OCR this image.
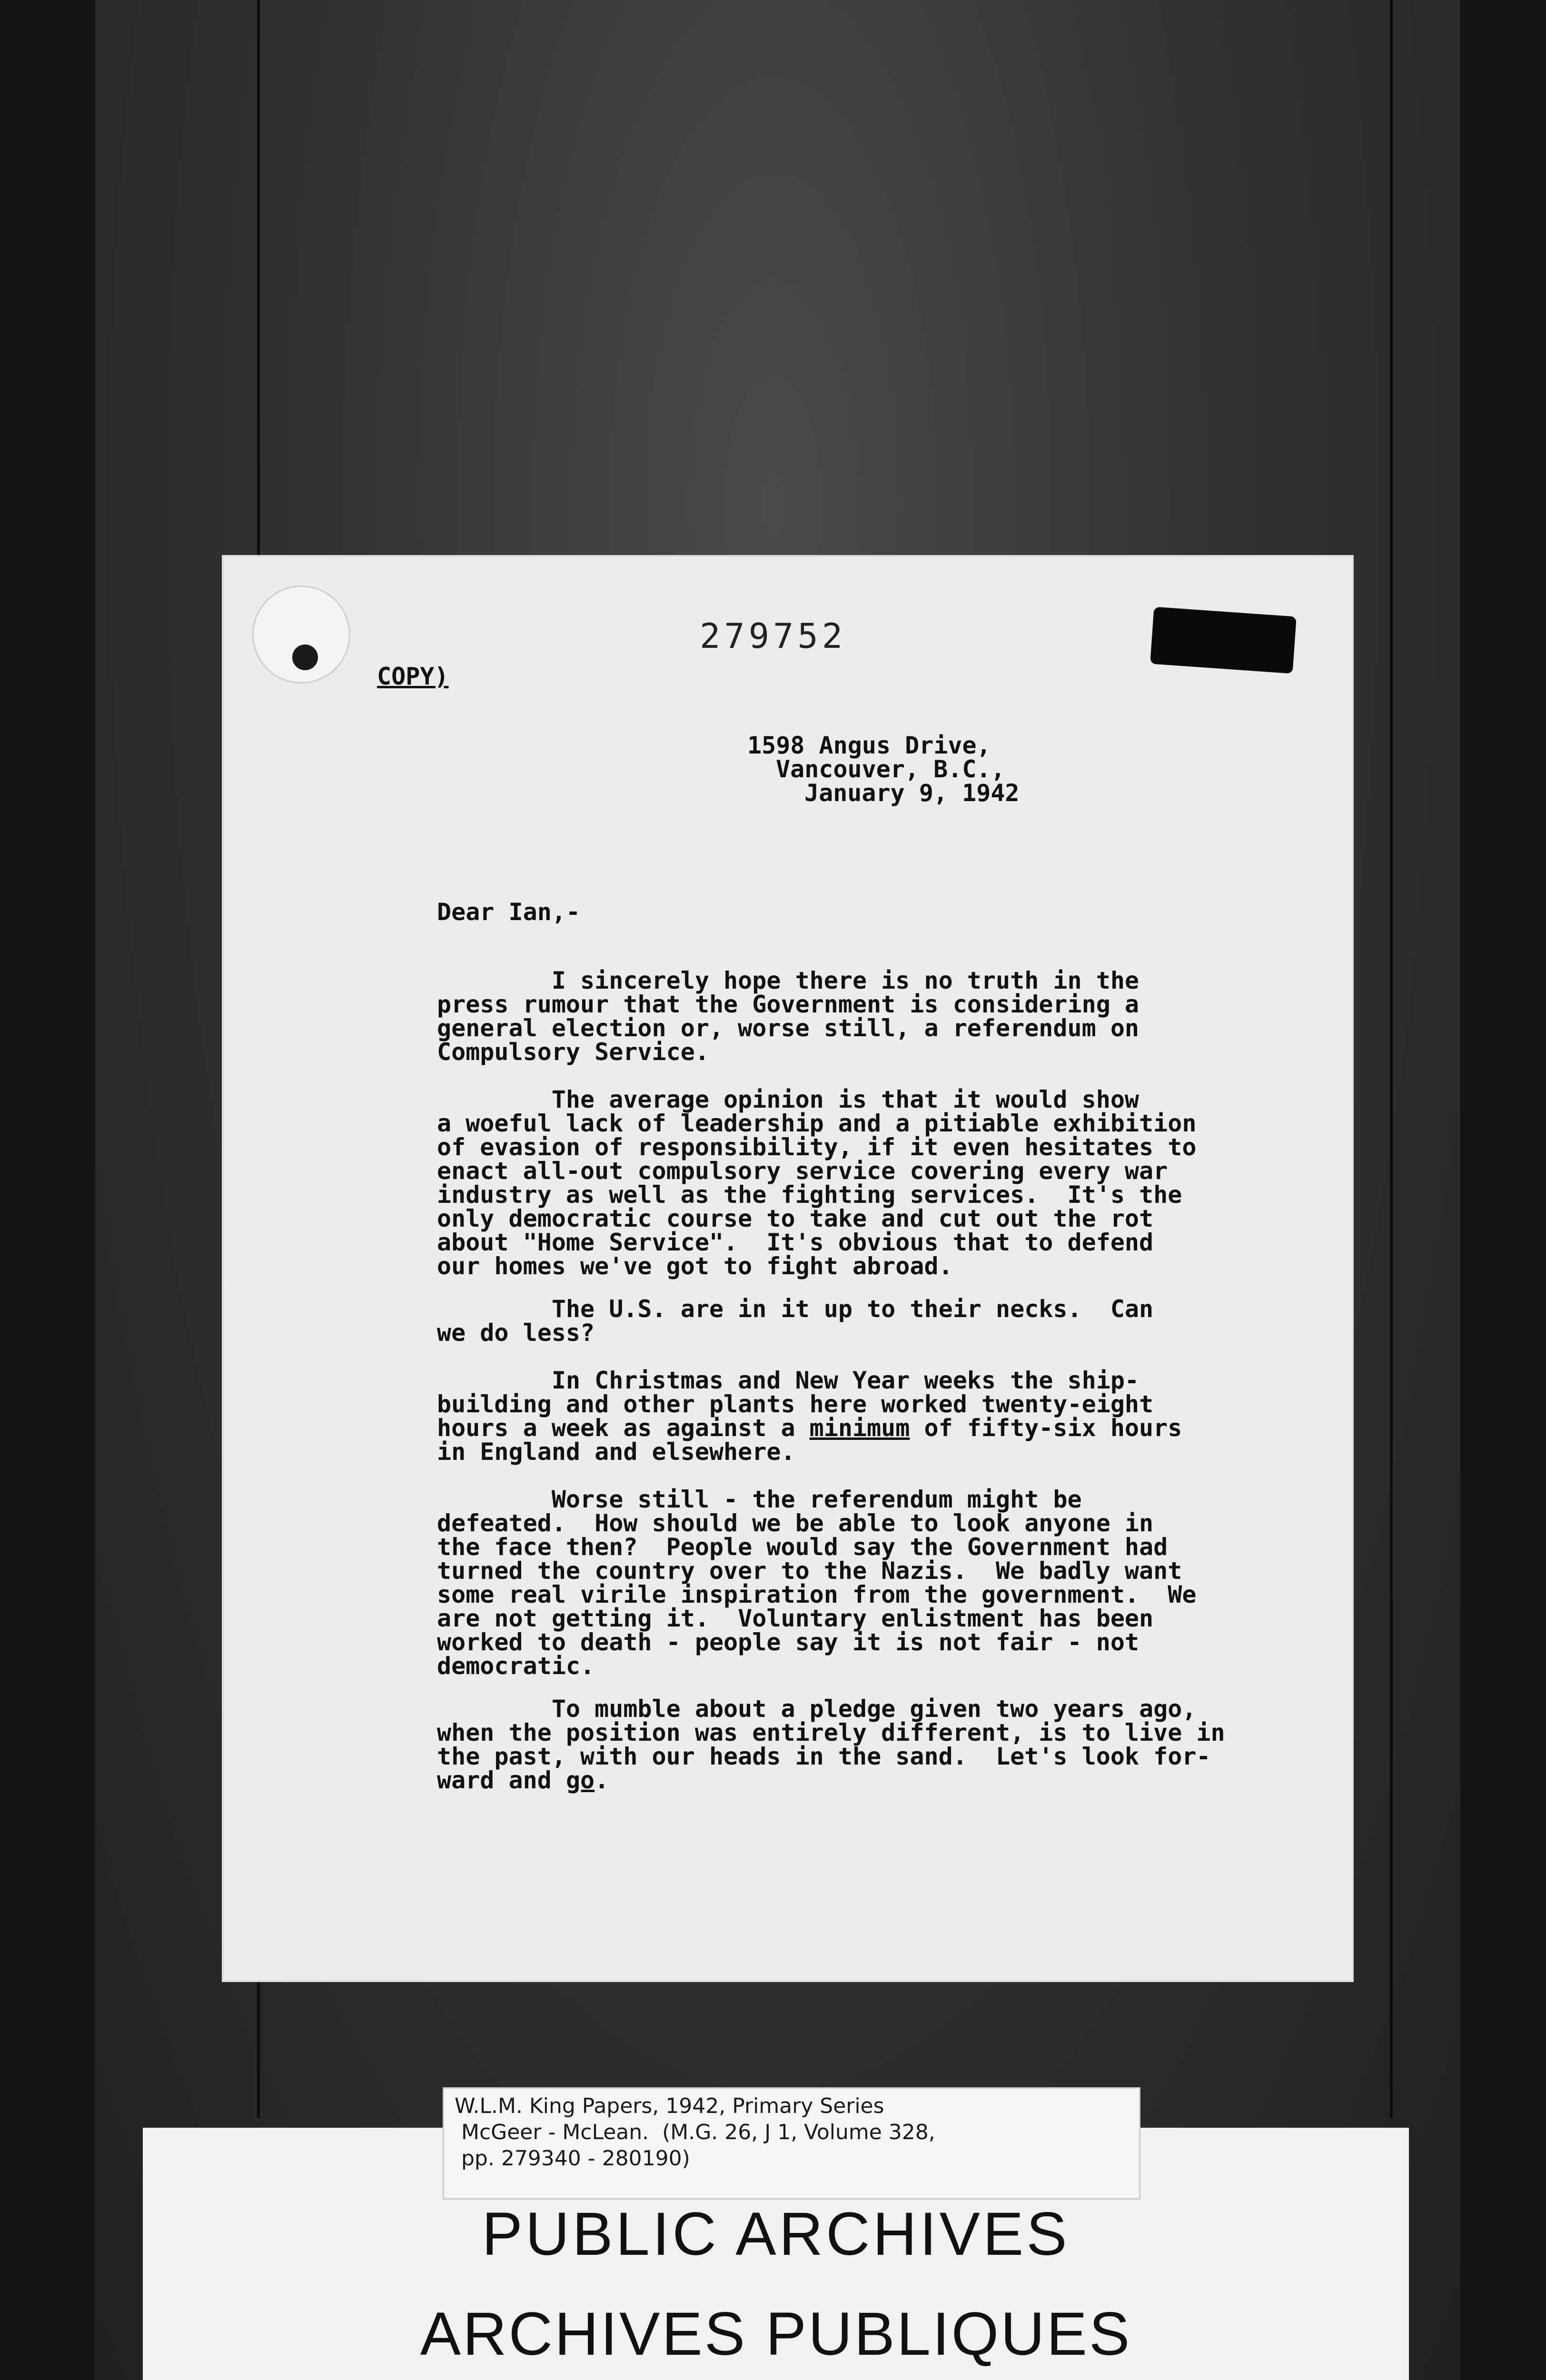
279752

COPY)

1598 Angus Drive,

Vancouver, B.C.,

January 9, 1942

Dear Ian,-

I sincerely hope there is no truth in the
press rumour that the Government is considering a
general election or, worse still, a referendum on
Compulsory Service.

The average opinion is that it would show
a woeful lack of leadership and a pitiable exhibition
of evasion of responsibility, if it even hesitates to
enact all-out compulsory service covering every war
industry as well as the fighting services.  It's the
only democratic course to take and cut out the rot
about "Home Service".  It's obvious that to defend
our homes we've got to fight abroad.

The U.S. are in it up to their necks.  Can
we do less?

In Christmas and New Year weeks the ship-
building and other plants here worked twenty-eight
hours a week as against a minimum of fifty-six hours
in England and elsewhere.

Worse still - the referendum might be
defeated.  How should we be able to look anyone in
the face then?  People would say the Government had
turned the country over to the Nazis.  We badly want
some real virile inspiration from the government.  We
are not getting it.  Voluntary enlistment has been
worked to death - people say it is not fair - not
democratic.

To mumble about a pledge given two years ago,
when the position was entirely different, is to live in
the past, with our heads in the sand.  Let's look for-
ward and go.

W.L.M. King Papers, 1942, Primary Series

McGeer - McLean.  (M.G. 26, J 1, Volume 328,

pp. 279340 - 280190)

PUBLIC ARCHIVES

ARCHIVES PUBLIQUES
